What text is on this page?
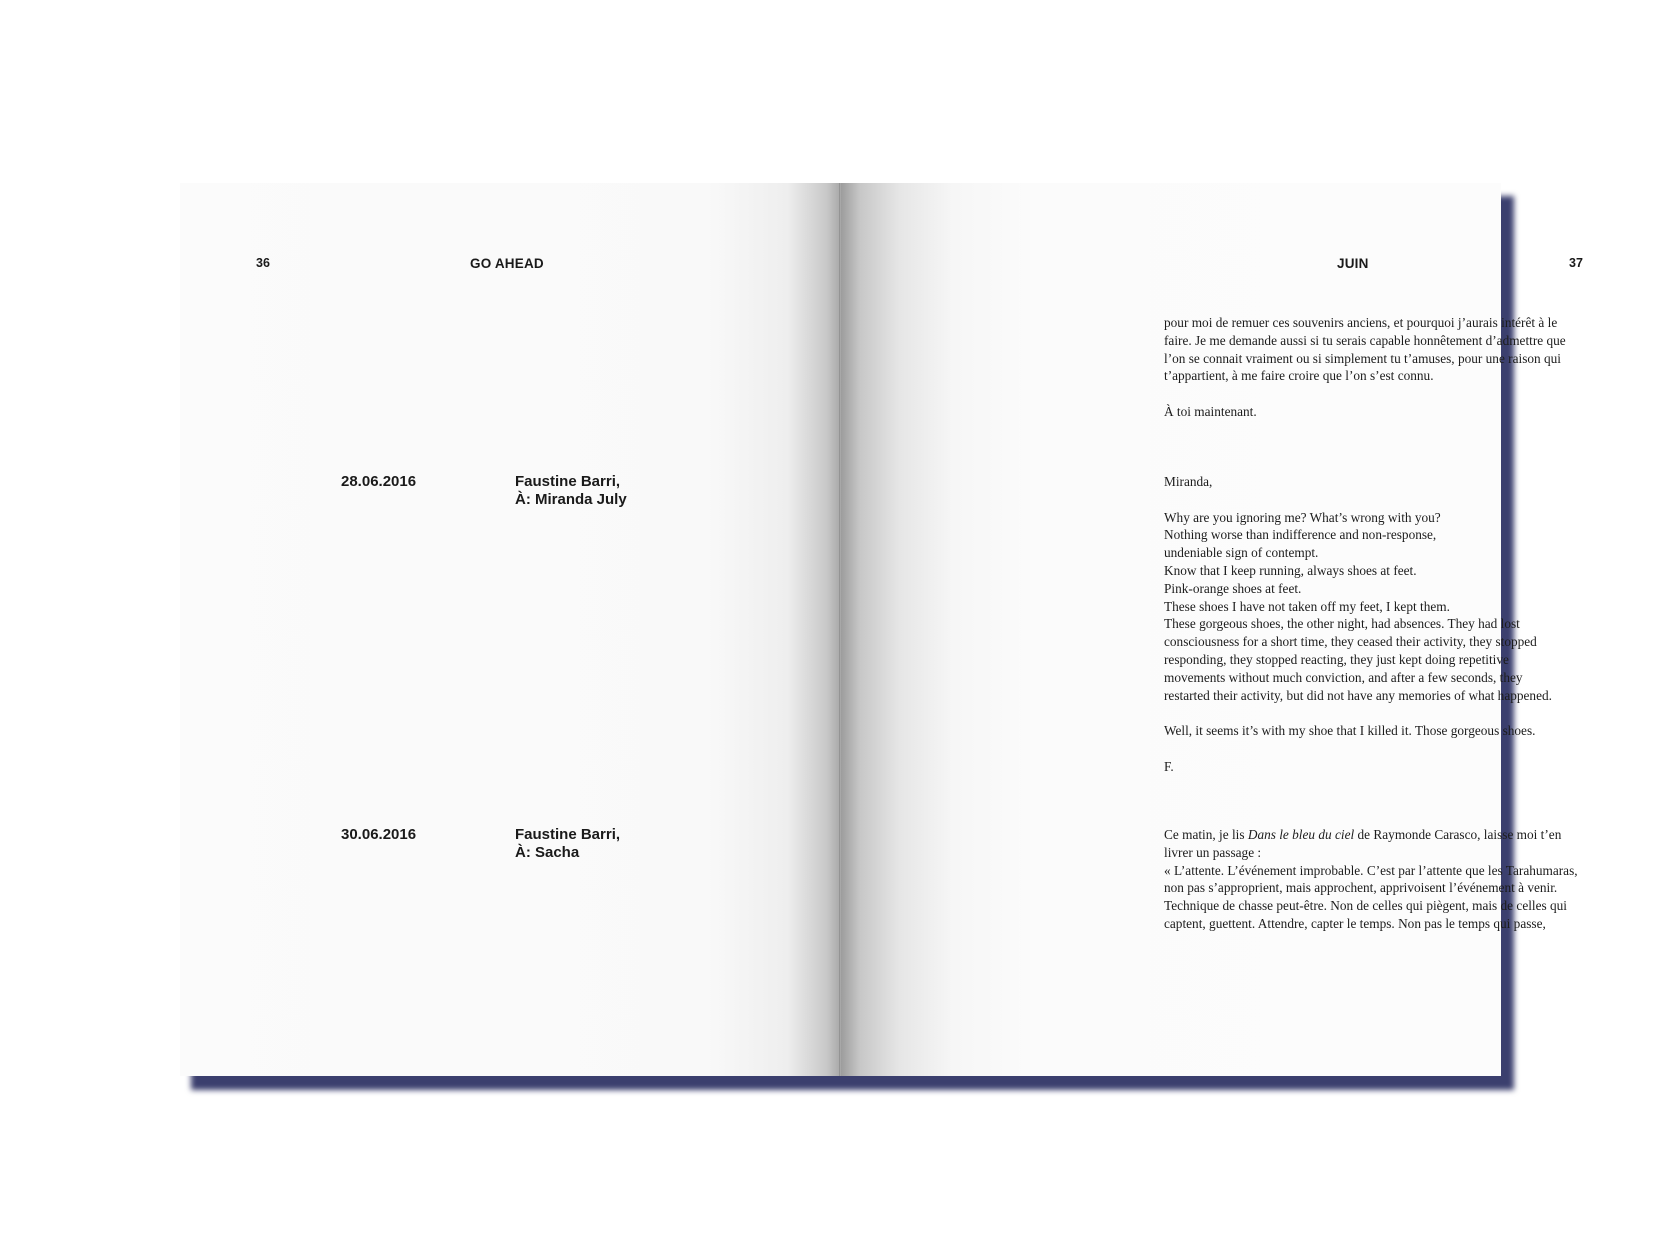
36	GO AHEAD
28.06.2016	Faustine Barri,
À: Miranda July
30.06.2016	Faustine Barri,
À: Sacha
JUIN	37
pour moi de remuer ces souvenirs anciens, et pourquoi j’aurais intérêt à le
faire. Je me demande aussi si tu serais capable honnêtement d’admettre que
l’on se connait vraiment ou si simplement tu t’amuses, pour une raison qui
t’appartient, à me faire croire que l’on s’est connu.
À toi maintenant.
Miranda,
Why are you ignoring me? What’s wrong with you?
Nothing worse than indifference and non-response,
undeniable sign of contempt.
Know that I keep running, always shoes at feet.
Pink-orange shoes at feet.
These shoes I have not taken off my feet, I kept them.
These gorgeous shoes, the other night, had absences. They had lost
consciousness for a short time, they ceased their activity, they stopped
responding, they stopped reacting, they just kept doing repetitive
movements without much conviction, and after a few seconds, they
restarted their activity, but did not have any memories of what happened.
Well, it seems it’s with my shoe that I killed it. Those gorgeous shoes.
F.
Ce matin, je lis Dans le bleu du ciel de Raymonde Carasco, laisse moi t’en
livrer un passage :
« L’attente. L’événement improbable. C’est par l’attente que les Tarahumaras,
non pas s’approprient, mais approchent, apprivoisent l’événement à venir.
Technique de chasse peut-être. Non de celles qui piègent, mais de celles qui
captent, guettent. Attendre, capter le temps. Non pas le temps qui passe,
